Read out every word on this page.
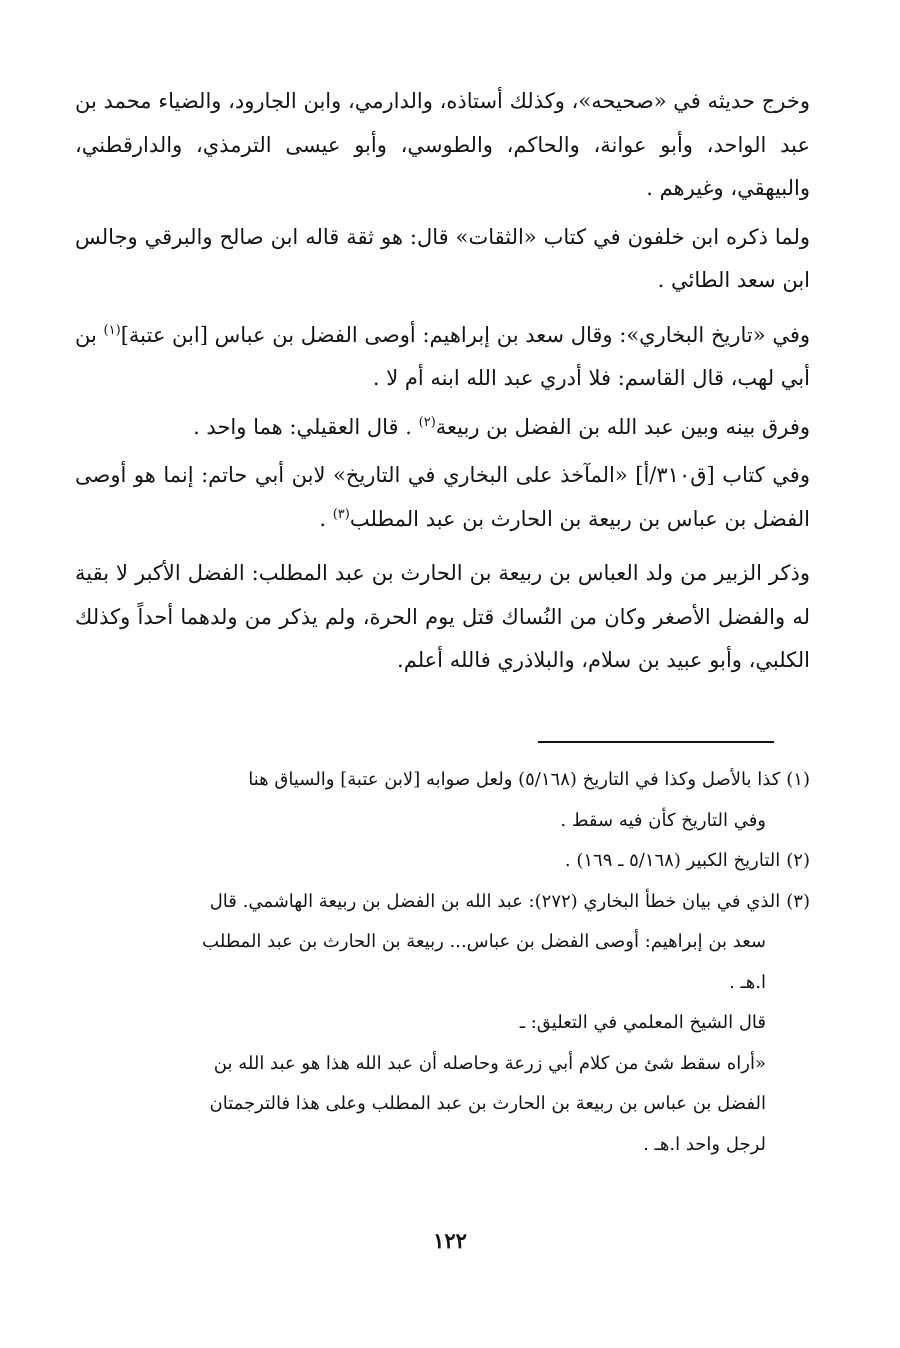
وخرج حديثه في «صحيحه»، وكذلك أستاذه، والدارمي، وابن الجارود، والضياء محمد بن عبد الواحد، وأبو عوانة، والحاكم، والطوسي، وأبو عيسى الترمذي، والدارقطني، والبيهقي، وغيرهم .

ولما ذكره ابن خلفون في كتاب «الثقات» قال: هو ثقة قاله ابن صالح والبرقي وجالس ابن سعد الطائي .

وفي «تاريخ البخاري»: وقال سعد بن إبراهيم: أوصى الفضل بن عباس [ابن عتبة]$^{(١)}$ بن أبي لهب، قال القاسم: فلا أدري عبد الله ابنه أم لا .

وفرق بينه وبين عبد الله بن الفضل بن ربيعة$^{(٢)}$ . قال العقيلي: هما واحد .

وفي كتاب [ق٣١٠/أ] «المآخذ على البخاري في التاريخ» لابن أبي حاتم: إنما هو أوصى الفضل بن عباس بن ربيعة بن الحارث بن عبد المطلب$^{(٣)}$ .

وذكر الزبير من ولد العباس بن ربيعة بن الحارث بن عبد المطلب: الفضل الأكبر لا بقية له والفضل الأصغر وكان من النُساك قتل يوم الحرة، ولم يذكر من ولدهما أحداً وكذلك الكلبي، وأبو عبيد بن سلام، والبلاذري فالله أعلم.

(١)كذا بالأصل وكذا في التاريخ (٥/١٦٨) ولعل صوابه [لابن عتبة] والسياق هنا
وفي التاريخ كأن فيه سقط .
(٢)التاريخ الكبير (٥/١٦٨ ـ ١٦٩) .
(٣)الذي في بيان خطأ البخاري (٢٧٢): عبد الله بن الفضل بن ربيعة الهاشمي. قال
سعد بن إبراهيم: أوصى الفضل بن عباس... ربيعة بن الحارث بن عبد المطلب
ا.هـ .
قال الشيخ المعلمي في التعليق: ـ
«أراه سقط شئ من كلام أبي زرعة وحاصله أن عبد الله هذا هو عبد الله بن
الفضل بن عباس بن ربيعة بن الحارث بن عبد المطلب وعلى هذا فالترجمتان
لرجل واحد ا.هـ .
١٢٢
